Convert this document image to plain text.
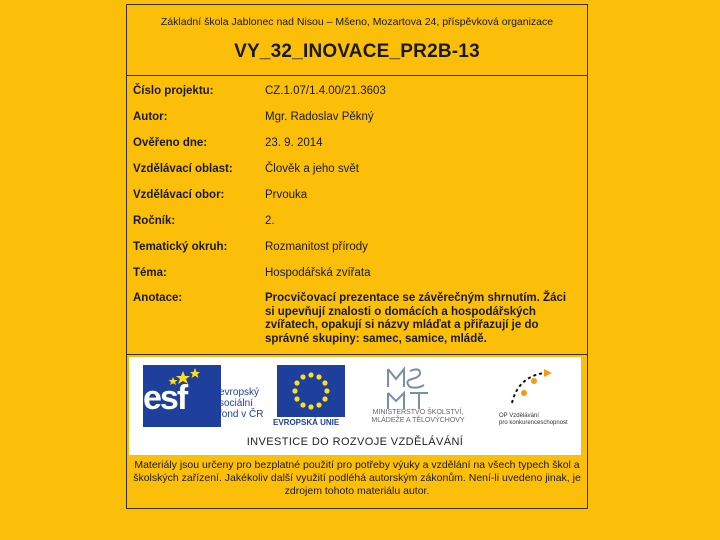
Základní škola Jablonec nad Nisou – Mšeno, Mozartova 24, příspěvková organizace
VY_32_INOVACE_PR2B-13
Číslo projektu:	CZ.1.07/1.4.00/21.3603
Autor:	Mgr. Radoslav Pěkný
Ověřeno dne:	23. 9. 2014
Vzdělávací oblast:	Člověk a jeho svět
Vzdělávací obor:	Prvouka
Ročník:	2.
Tematický okruh:	Rozmanitost přírody
Téma:	Hospodářská zvířata
Anotace:	Procvičovací prezentace se závěrečným shrnutím. Žáci si upevňují znalosti o domácích a hospodářských zvířatech, opakují si názvy mláďat a přiřazují je do správné skupiny: samec, samice, mládě.
esf	evropský
sociální
fond v ČR
EVROPSKÁ UNIE
MINISTERSTVO ŠKOLSTVÍ,
MLÁDEŽE A TĚLOVÝCHOVY
OP Vzdělávání
pro konkurenceschopnost
INVESTICE DO ROZVOJE VZDĚLÁVÁNÍ
Materiály jsou určeny pro bezplatné použití pro potřeby výuky a vzdělání na všech typech škol a školských zařízení. Jakékoliv další využití podléhá autorským zákonům. Není-li uvedeno jinak, je zdrojem tohoto materiálu autor.
